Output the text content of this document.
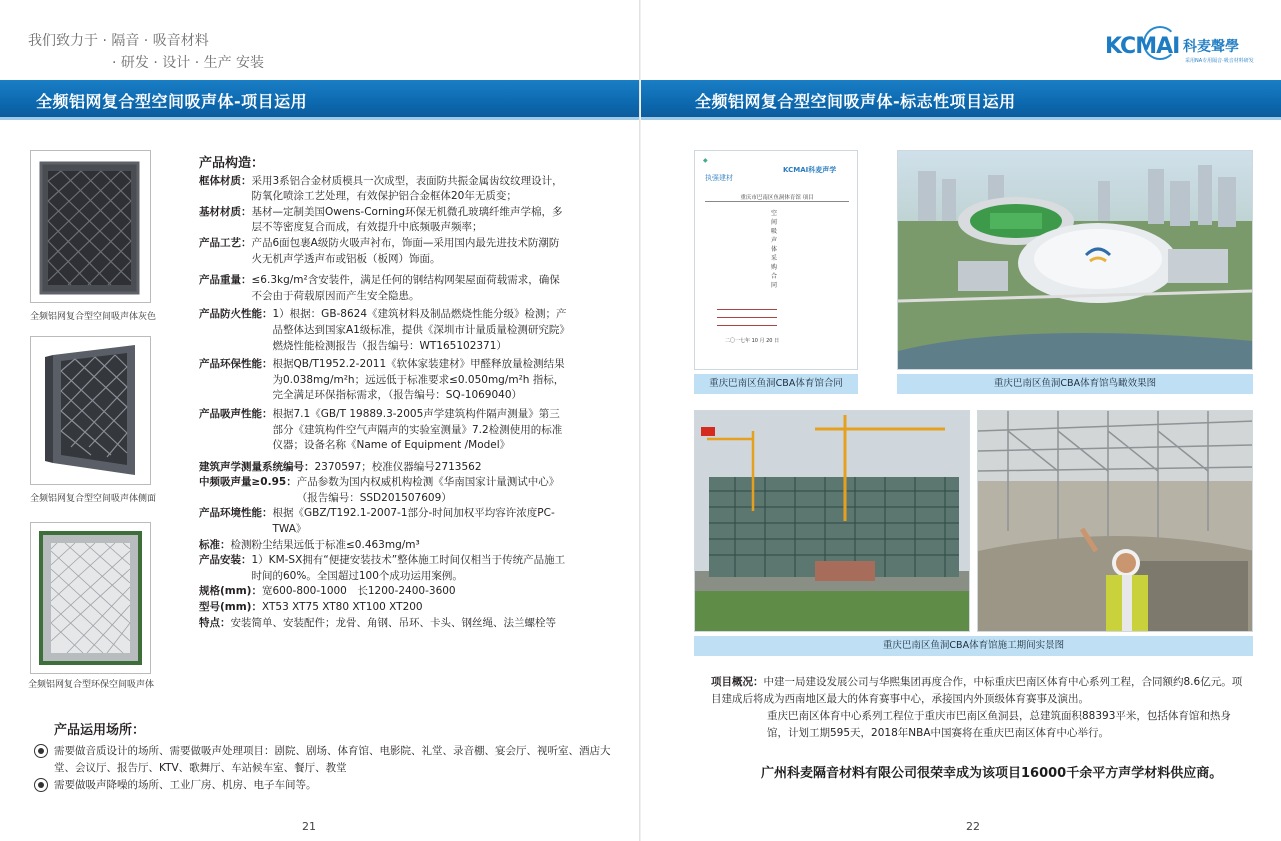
我们致力于 · 隔音 · 吸音材料
· 研发 · 设计 · 生产 安装
全频铝网复合型空间吸声体-项目运用
全频铝网复合型空间吸声体灰色
全频铝网复合型空间吸声体侧面
全频铝网复合型环保空间吸声体
产品构造：
框体材质： 采用3系铝合金材质模具一次成型，表面防共振金属齿纹纹理设计，防氧化喷涂工艺处理，有效保护铝合金框体20年无质变；
基材材质： 基材—定制美国Owens-Corning环保无机微孔玻璃纤维声学棉，多层不等密度复合而成，有效提升中底频吸声频率；
产品工艺： 产品6面包裹A级防火吸声衬布，饰面—采用国内最先进技术防潮防火无机声学透声布或铝板（板网）饰面。
产品重量： ≤6.3kg/m²含安装件，满足任何的钢结构网架屋面荷载需求，确保不会由于荷载原因而产生安全隐患。
产品防火性能： 1）根据：GB-8624《建筑材料及制品燃烧性能分级》检测；产品整体达到国家A1级标准，提供《深圳市计量质量检测研究院》燃烧性能检测报告（报告编号：WT165102371）
产品环保性能： 根据QB/T1952.2-2011《软体家装建材》甲醛释放量检测结果为0.038mg/m²h；远远低于标准要求≤0.050mg/m²h 指标，完全满足环保指标需求，（报告编号：SQ-1069040）
产品吸声性能： 根据7.1《GB/T 19889.3-2005声学建筑构件隔声测量》第三部分《建筑构件空气声隔声的实验室测量》7.2检测使用的标准仪器；设备名称《Name of Equipment /Model》
建筑声学测量系统编号： 2370597；校准仪器编号2713562
中频吸声量≥0.95： 产品参数为国内权威机构检测《华南国家计量测试中心》（报告编号：SSD201507609）
产品环境性能： 根据《GBZ/T192.1-2007-1部分-时间加权平均容许浓度PC-TWA》
标准： 检测粉尘结果远低于标准≤0.463mg/m³
产品安装： 1）KM-SX拥有“便捷安装技术”整体施工时间仅相当于传统产品施工时间的60%。全国超过100个成功运用案例。
规格(mm)： 宽600-800-1000　长1200-2400-3600
型号(mm)： XT53 XT75 XT80 XT100 XT200
特点： 安装简单、安装配件；龙骨、角钢、吊环、卡头、钢丝绳、法兰螺栓等
产品运用场所：
需要做音质设计的场所、需要做吸声处理项目：剧院、剧场、体育馆、电影院、礼堂、录音棚、宴会厅、视听室、酒店大堂、会议厅、报告厅、KTV、歌舞厅、车站候车室、餐厅、教堂
需要做吸声降噪的场所、工业厂房、机房、电子车间等。
21
KCMAI 科麦聲學
采用NA专用隔音·吸音材料研发
全频铝网复合型空间吸声体-标志性项目运用
◆
执强建材
KCMAI科麦声学
重庆市巴南区鱼洞体育馆 项目
空间吸声体采购合同
二〇一七年 10 月 20 日
重庆巴南区鱼洞CBA体育馆合同	重庆巴南区鱼洞CBA体育馆鸟瞰效果图
重庆巴南区鱼洞CBA体育馆施工期间实景图
项目概况：中建一局建设发展公司与华熙集团再度合作，中标重庆巴南区体育中心系列工程，合同额约8.6亿元。项目建成后将成为西南地区最大的体育赛事中心，承接国内外顶级体育赛事及演出。
重庆巴南区体育中心系列工程位于重庆市巴南区鱼洞县，总建筑面积88393平米，包括体育馆和热身馆，计划工期595天，2018年NBA中国赛将在重庆巴南区体育中心举行。
广州科麦隔音材料有限公司很荣幸成为该项目16000千余平方声学材料供应商。
22
